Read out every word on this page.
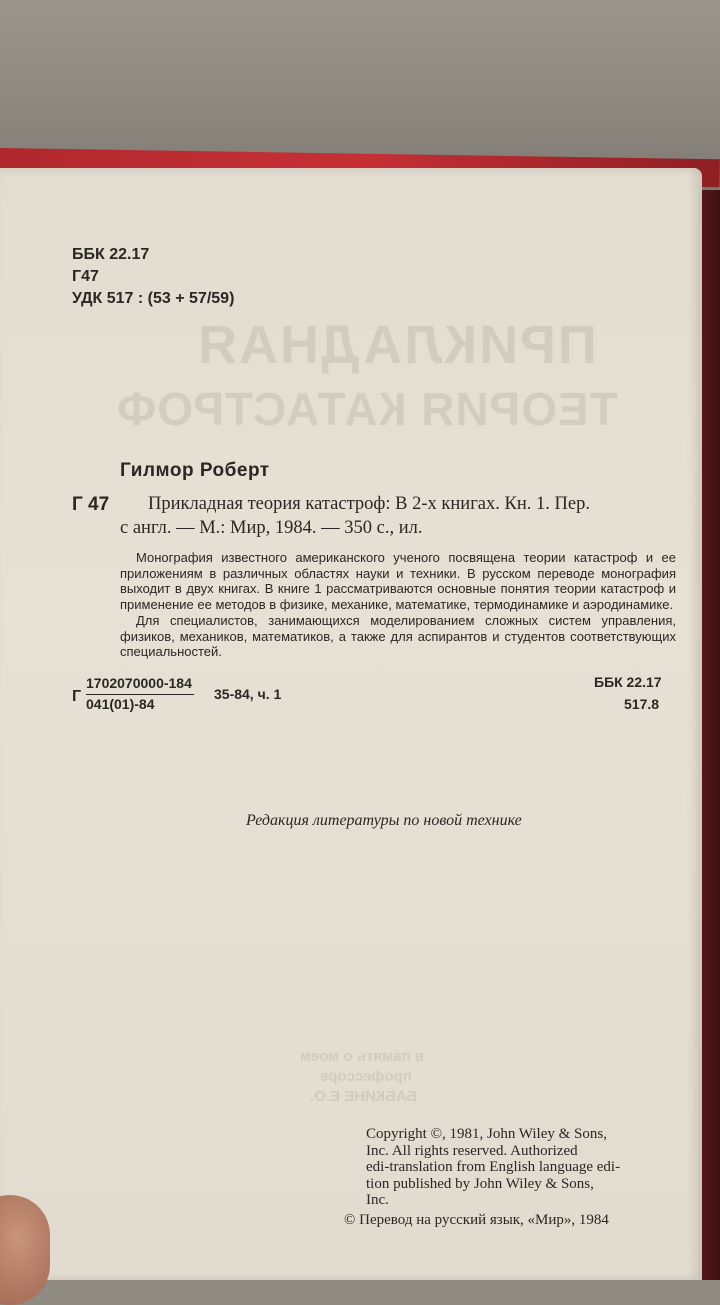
ПРИКЛАДНАЯ
ТЕОРИЯ КАТАСТРОФ
в память о моем
профессоре
БАБКИНЕ Е.О.

ББК 22.17

Г47

УДК 517 : (53 + 57/59)

Гилмор Роберт

Г 47 Прикладная теория катастроф: В 2-х книгах. Кн. 1. Пер.

с англ. — М.: Мир, 1984. — 350 с., ил.

Монография известного американского ученого посвящена теории катастроф и ее приложениям в различных областях науки и техники. В русском переводе монография выходит в двух книгах. В книге 1 рассматриваются основные понятия теории катастроф и применение ее методов в физике, механике, математике, термодинамике и аэродинамике.

Для специалистов, занимающихся моделированием сложных систем управления, физиков, механиков, математиков, а также для аспирантов и студентов соответствующих специальностей.

Г $\frac{1702070000-184}{041(01)-84} 35-84$, ч. 1

ББК 22.17

517.8

Редакция литературы по новой технике

Copyright ©, 1981, John Wiley & Sons,
Inc. All rights reserved. Authorized
edi-translation from English language edi-
tion published by John Wiley & Sons,
Inc.

© Перевод на русский язык, «Мир», 1984
